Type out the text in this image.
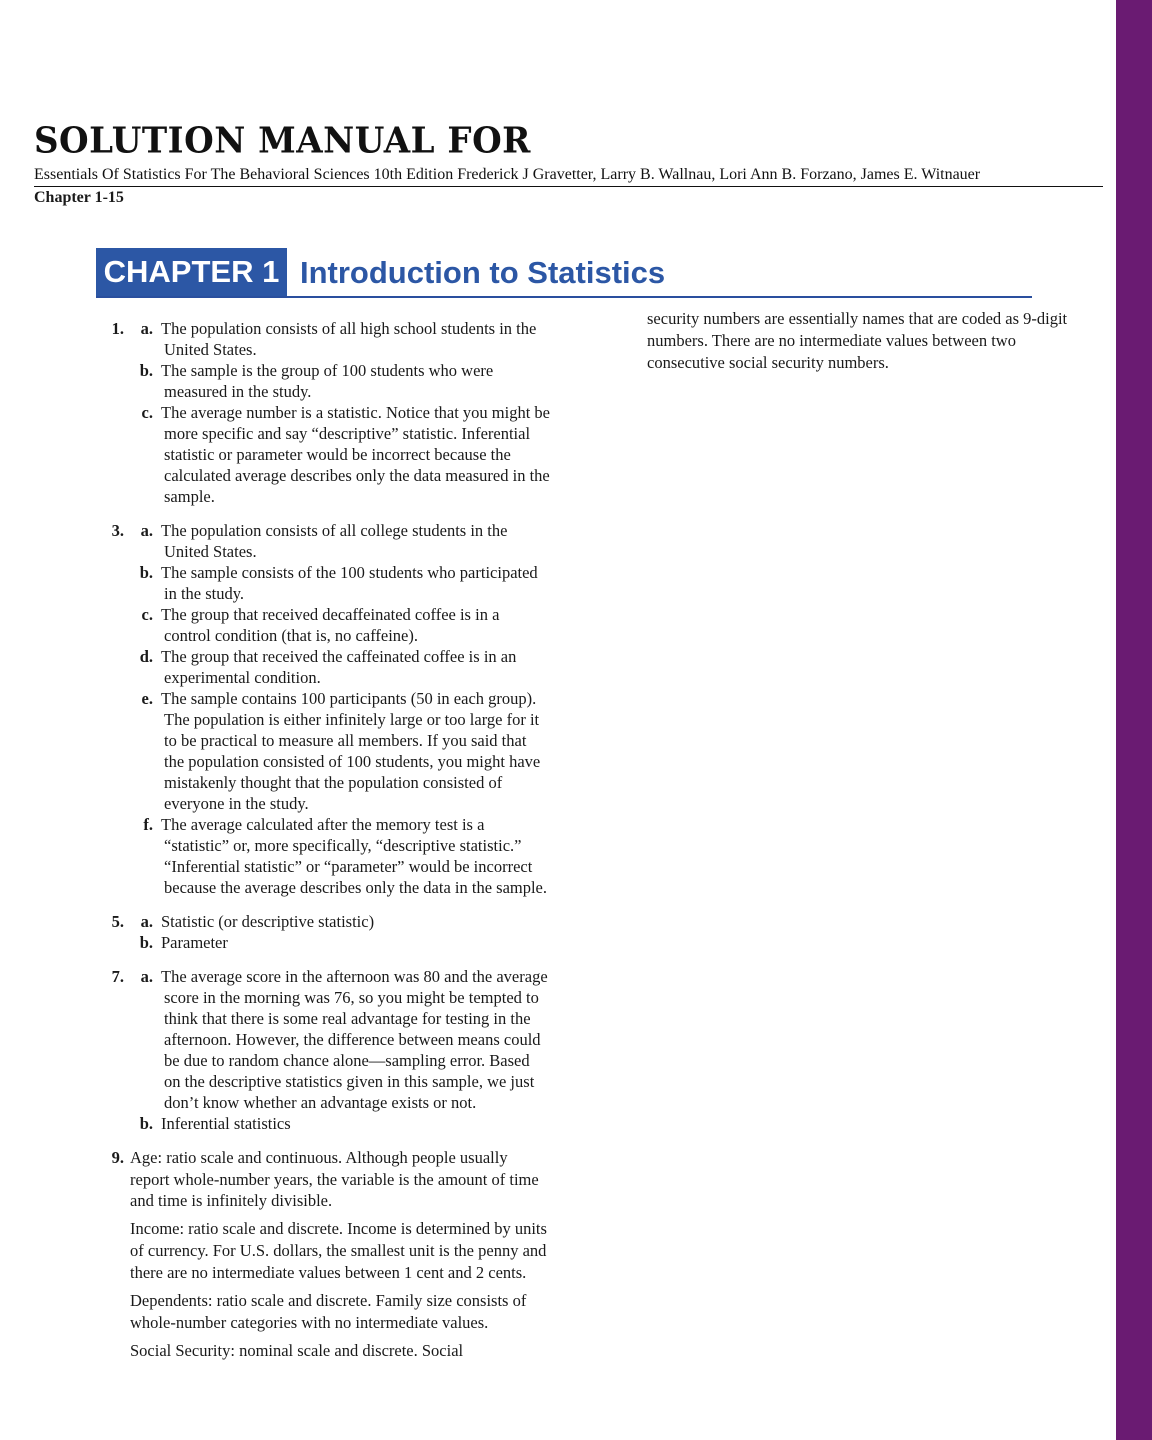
SOLUTION MANUAL FOR
Essentials Of Statistics For The Behavioral Sciences 10th Edition Frederick J Gravetter, Larry B. Wallnau, Lori Ann B. Forzano, James E. Witnauer
Chapter 1-15
CHAPTER 1 Introduction to Statistics
1.	a. The population consists of all high school students in the United States.
b. The sample is the group of 100 students who were measured in the study.
c. The average number is a statistic. Notice that you might be more specific and say “descriptive” statistic. Inferential statistic or parameter would be incorrect because the calculated average describes only the data measured in the sample.
3.	a. The population consists of all college students in the United States.
b. The sample consists of the 100 students who participated in the study.
c. The group that received decaffeinated coffee is in a control condition (that is, no caffeine).
d. The group that received the caffeinated coffee is in an experimental condition.
e. The sample contains 100 participants (50 in each group). The population is either infinitely large or too large for it to be practical to measure all members. If you said that the population consisted of 100 students, you might have mistakenly thought that the population consisted of everyone in the study.
f. The average calculated after the memory test is a “statistic” or, more specifically, “descriptive statistic.” “Inferential statistic” or “parameter” would be incorrect because the average describes only the data in the sample.
5.	a. Statistic (or descriptive statistic)
b. Parameter
7.	a. The average score in the afternoon was 80 and the average score in the morning was 76, so you might be tempted to think that there is some real advantage for testing in the afternoon. However, the difference between means could be due to random chance alone—sampling error. Based on the descriptive statistics given in this sample, we just don’t know whether an advantage exists or not.
b. Inferential statistics
9. Age: ratio scale and continuous. Although people usually report whole-number years, the variable is the amount of time and time is infinitely divisible.
Income: ratio scale and discrete. Income is determined by units of currency. For U.S. dollars, the smallest unit is the penny and there are no intermediate values between 1 cent and 2 cents.
Dependents: ratio scale and discrete. Family size consists of whole-number categories with no intermediate values.
Social Security: nominal scale and discrete. Social
security numbers are essentially names that are coded as 9-digit numbers. There are no intermediate values between two consecutive social security numbers.
